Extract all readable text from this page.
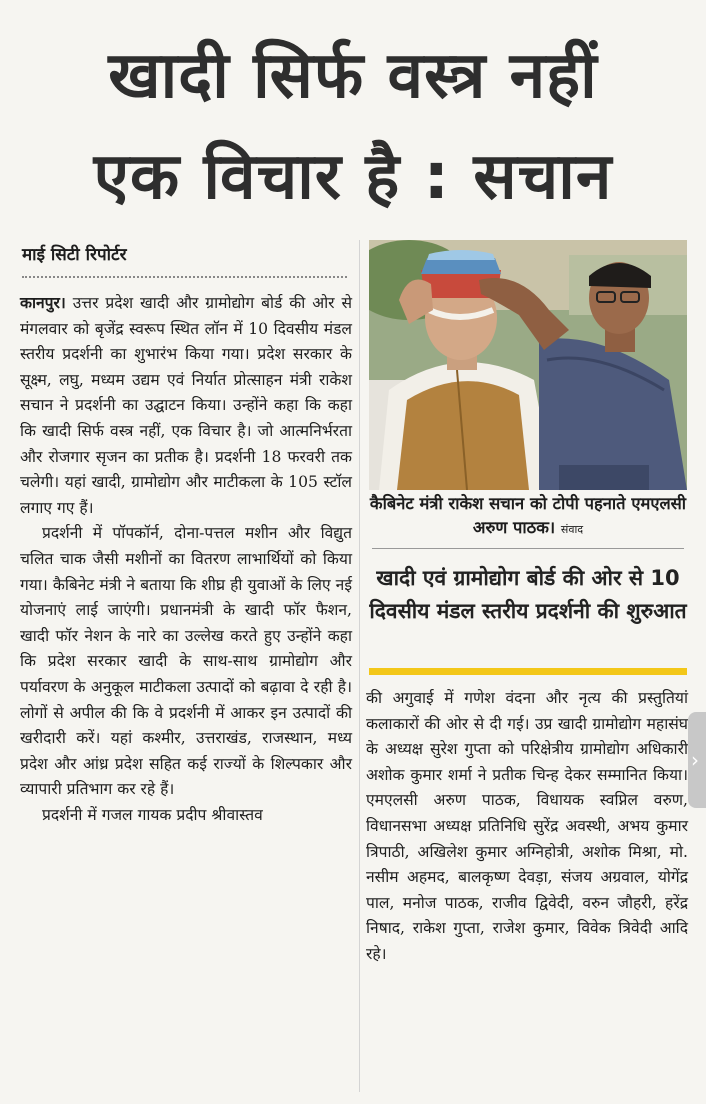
खादी सिर्फ वस्त्र नहीं
एक विचार है : सचान
माई सिटी रिपोर्टर

कानपुर। उत्तर प्रदेश खादी और ग्रामोद्योग बोर्ड की ओर से मंगलवार को बृजेंद्र स्वरूप स्थित लॉन में 10 दिवसीय मंडल स्तरीय प्रदर्शनी का शुभारंभ किया गया। प्रदेश सरकार के सूक्ष्म, लघु, मध्यम उद्यम एवं निर्यात प्रोत्साहन मंत्री राकेश सचान ने प्रदर्शनी का उद्घाटन किया। उन्होंने कहा कि कहा कि खादी सिर्फ वस्त्र नहीं, एक विचार है। जो आत्मनिर्भरता और रोजगार सृजन का प्रतीक है। प्रदर्शनी 18 फरवरी तक चलेगी। यहां खादी, ग्रामोद्योग और माटीकला के 105 स्टॉल लगाए गए हैं।

प्रदर्शनी में पॉपकॉर्न, दोना-पत्तल मशीन और विद्युत चलित चाक जैसी मशीनों का वितरण लाभार्थियों को किया गया। कैबिनेट मंत्री ने बताया कि शीघ्र ही युवाओं के लिए नई योजनाएं लाई जाएंगी। प्रधानमंत्री के खादी फॉर फैशन, खादी फॉर नेशन के नारे का उल्लेख करते हुए उन्होंने कहा कि प्रदेश सरकार खादी के साथ-साथ ग्रामोद्योग और पर्यावरण के अनुकूल माटीकला उत्पादों को बढ़ावा दे रही है। लोगों से अपील की कि वे प्रदर्शनी में आकर इन उत्पादों की खरीदारी करें। यहां कश्मीर, उत्तराखंड, राजस्थान, मध्य प्रदेश और आंध्र प्रदेश सहित कई राज्यों के शिल्पकार और व्यापारी प्रतिभाग कर रहे हैं।

प्रदर्शनी में गजल गायक प्रदीप श्रीवास्तव

कैबिनेट मंत्री राकेश सचान को टोपी पहनाते एमएलसी अरुण पाठक। संवाद
खादी एवं ग्रामोद्योग बोर्ड की ओर से 10 दिवसीय मंडल स्तरीय प्रदर्शनी की शुरुआत

की अगुवाई में गणेश वंदना और नृत्य की प्रस्तुतियां कलाकारों की ओर से दी गई। उप्र खादी ग्रामोद्योग महासंघ के अध्यक्ष सुरेश गुप्ता को परिक्षेत्रीय ग्रामोद्योग अधिकारी अशोक कुमार शर्मा ने प्रतीक चिन्ह देकर सम्मानित किया। एमएलसी अरुण पाठक, विधायक स्वप्निल वरुण, विधानसभा अध्यक्ष प्रतिनिधि सुरेंद्र अवस्थी, अभय कुमार त्रिपाठी, अखिलेश कुमार अग्निहोत्री, अशोक मिश्रा, मो. नसीम अहमद, बालकृष्ण देवड़ा, संजय अग्रवाल, योगेंद्र पाल, मनोज पाठक, राजीव द्विवेदी, वरुन जौहरी, हरेंद्र निषाद, राकेश गुप्ता, राजेश कुमार, विवेक त्रिवेदी आदि रहे।

›
